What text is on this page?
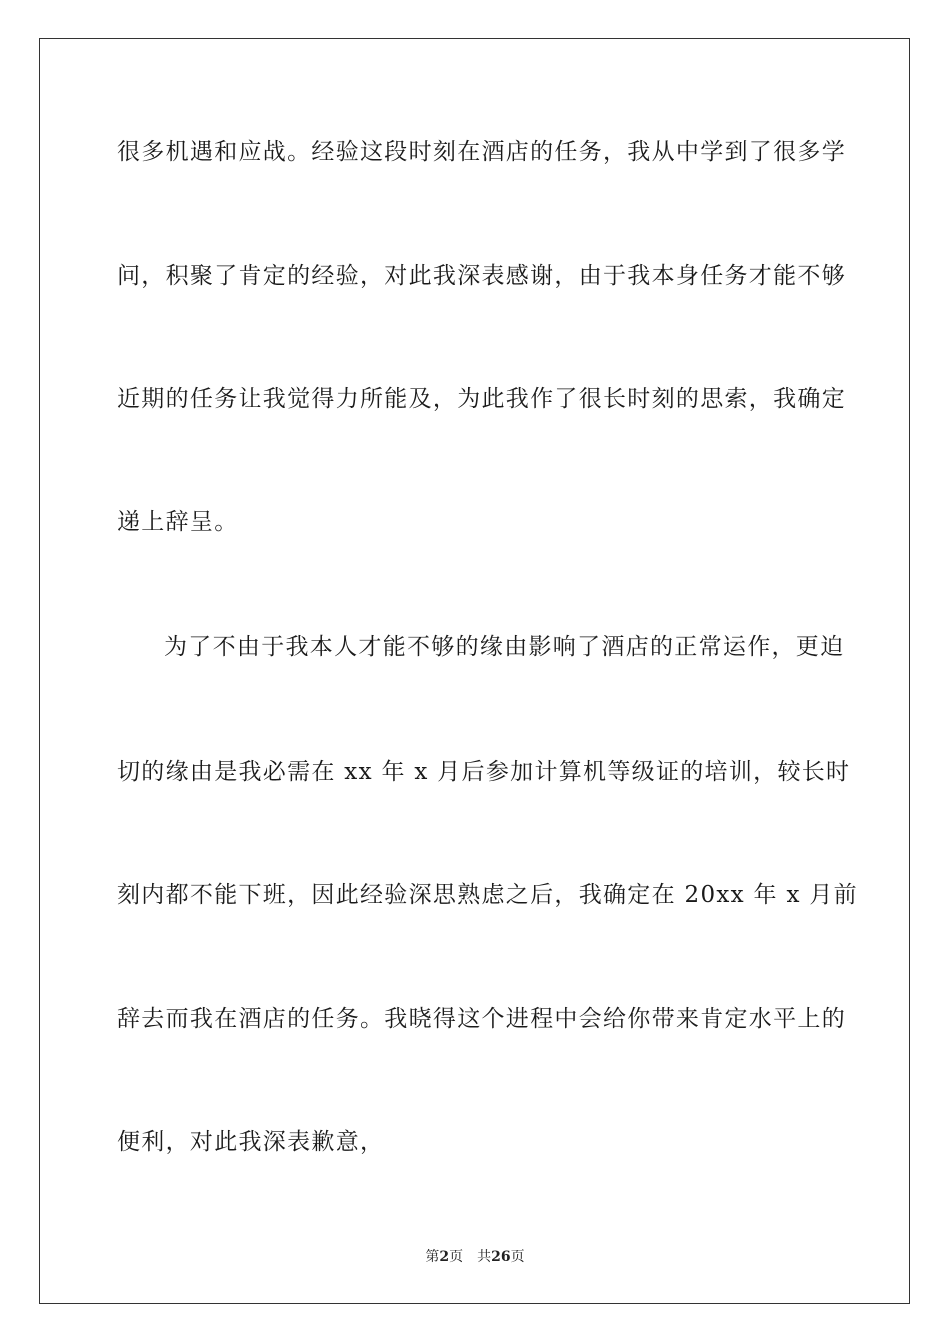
很多机遇和应战。经验这段时刻在酒店的任务，我从中学到了很多学
问，积聚了肯定的经验，对此我深表感谢，由于我本身任务才能不够
近期的任务让我觉得力所能及，为此我作了很长时刻的思索，我确定
递上辞呈。
为了不由于我本人才能不够的缘由影响了酒店的正常运作，更迫
切的缘由是我必需在 xx 年 x 月后参加计算机等级证的培训，较长时
刻内都不能下班，因此经验深思熟虑之后，我确定在 20xx 年 x 月前
辞去而我在酒店的任务。我晓得这个进程中会给你带来肯定水平上的
便利，对此我深表歉意，
第2页 共26页
